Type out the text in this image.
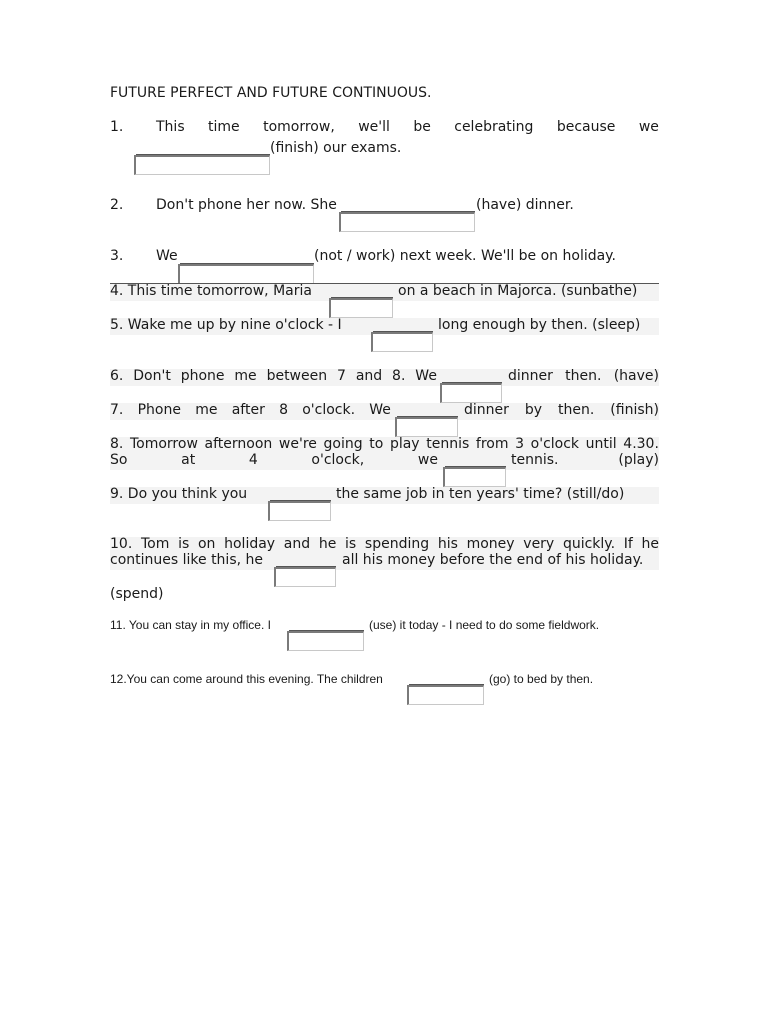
FUTURE PERFECT AND FUTURE CONTINUOUS.
1. This time tomorrow, we'll be celebrating because we
(finish) our exams.
2. Don't phone her now. She	(have) dinner.
3. We	(not / work) next week. We'll be on holiday.
4. This time tomorrow, Maria	on a beach in Majorca. (sunbathe)
5. Wake me up by nine o'clock - I	long enough by then. (sleep)
6. Don't phone me between 7 and 8. We	dinner then. (have)
7. Phone me after 8 o'clock. We	dinner by then. (finish)
8. Tomorrow afternoon we're going to play tennis from 3 o'clock until 4.30.
So	at	4	o'clock,	we	tennis.	(play)
9. Do you think you	the same job in ten years' time? (still/do)
10. Tom is on holiday and he is spending his money very quickly. If he
continues like this, he	all his money before the end of his holiday.
(spend)
11. You can stay in my office. I	(use) it today - I need to do some fieldwork.
12.You can come around this evening. The children	(go) to bed by then.
